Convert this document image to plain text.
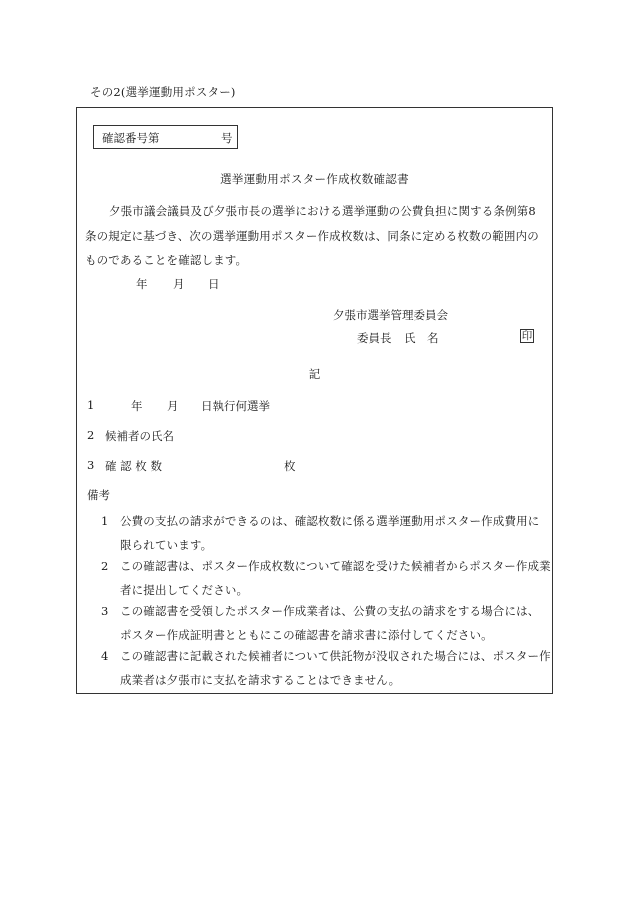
その2(選挙運動用ポスター)
確認番号第	号
選挙運動用ポスター作成枚数確認書
夕張市議会議員及び夕張市長の選挙における選挙運動の公費負担に関する条例第8条の規定に基づき、次の選挙運動用ポスター作成枚数は、同条に定める枚数の範囲内のものであることを確認します。
年 月 日
夕張市選挙管理委員会
委員長 氏 名	印
記
1	年 月 日執行何選挙
2 候補者の氏名
3 確 認 枚 数	枚
備考
1 公費の支払の請求ができるのは、確認枚数に係る選挙運動用ポスター作成費用に限られています。
2 この確認書は、ポスター作成枚数について確認を受けた候補者からポスター作成業者に提出してください。
3 この確認書を受領したポスター作成業者は、公費の支払の請求をする場合には、ポスター作成証明書とともにこの確認書を請求書に添付してください。
4 この確認書に記載された候補者について供託物が没収された場合には、ポスター作成業者は夕張市に支払を請求することはできません。
